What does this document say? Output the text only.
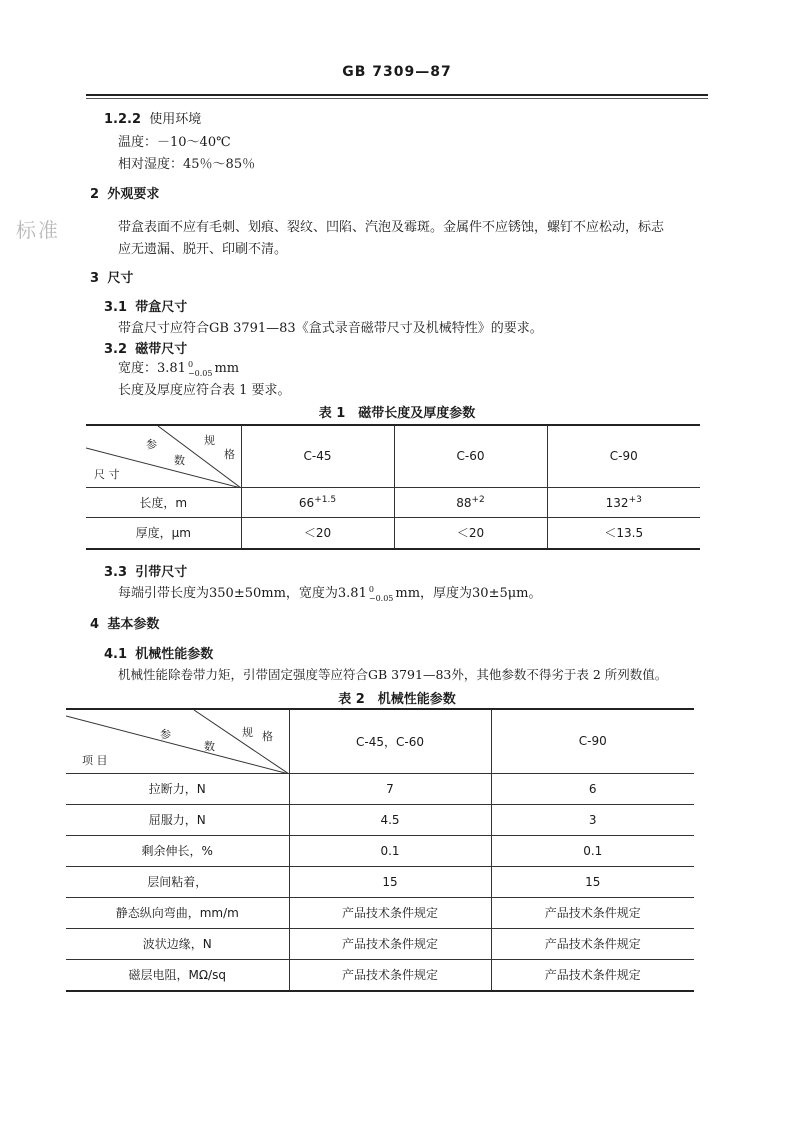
GB 7309—87
标准
1.2.2 使用环境
温度：－10～40℃
相对湿度：45％～85％
2 外观要求
带盒表面不应有毛刺、划痕、裂纹、凹陷、汽泡及霉斑。金属件不应锈蚀，螺钉不应松动，标志
应无遗漏、脱开、印刷不清。
3 尺寸
3.1 带盒尺寸
带盒尺寸应符合GB 3791—83《盒式录音磁带尺寸及机械特性》的要求。
3.2 磁带尺寸
宽度：3.81 0
−0.05 mm
长度及厚度应符合表 1 要求。
表 1　磁带长度及厚度参数
规
格
参
数
尺 寸	C-45	C-60	C-90
长度，m	$66^{+1.5}$	$88^{+2}$	$132^{+3}$
厚度，μm	＜20	＜20	＜13.5
3.3 引带尺寸
每端引带长度为350±50mm，宽度为3.81 0
−0.05 mm，厚度为30±5μm。
4 基本参数
4.1 机械性能参数
机械性能除卷带力矩，引带固定强度等应符合GB 3791—83外，其他参数不得劣于表 2 所列数值。
表 2　机械性能参数
规 格
参
数
项 目	C-45，C-60	C-90
拉断力，N	7	6
屈服力，N	4.5	3
剩余伸长，%	0.1	0.1
层间粘着，	15	15
静态纵向弯曲，mm/m	产品技术条件规定	产品技术条件规定
波状边缘，N	产品技术条件规定	产品技术条件规定
磁层电阻，MΩ/sq	产品技术条件规定	产品技术条件规定
